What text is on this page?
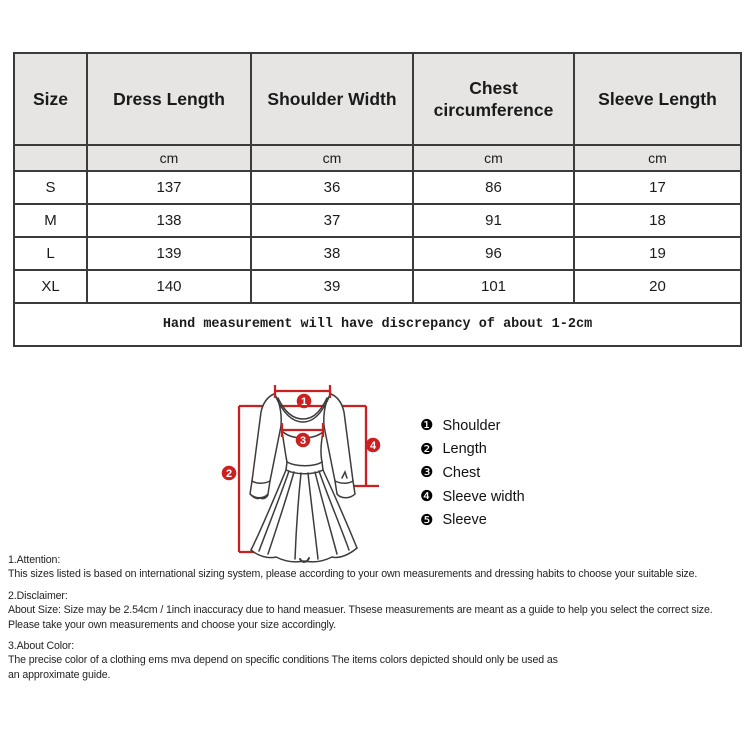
Size	Dress Length	Shoulder Width	Chest circumference	Sleeve Length
	cm	cm	cm	cm
S	137	36	86	17
M	138	37	91	18
L	139	38	96	19
XL	140	39	101	20
Hand measurement will have discrepancy of about 1-2cm				
1
2
3	4
❶ Shoulder
❷ Length
❸ Chest
❹ Sleeve width
❺ Sleeve
1.Attention:
This sizes listed is based on international sizing system, please according to your own measurements and dressing habits to choose your suitable size.
2.Disclaimer:
About Size: Size may be 2.54cm / 1inch inaccuracy due to hand measuer. Thsese measurements are meant as a guide to help you select the correct size.
Please take your own measurements and choose your size accordingly.
3.About Color:
The precise color of a clothing ems mva depend on specific conditions The items colors depicted should only be used as
an approximate guide.
